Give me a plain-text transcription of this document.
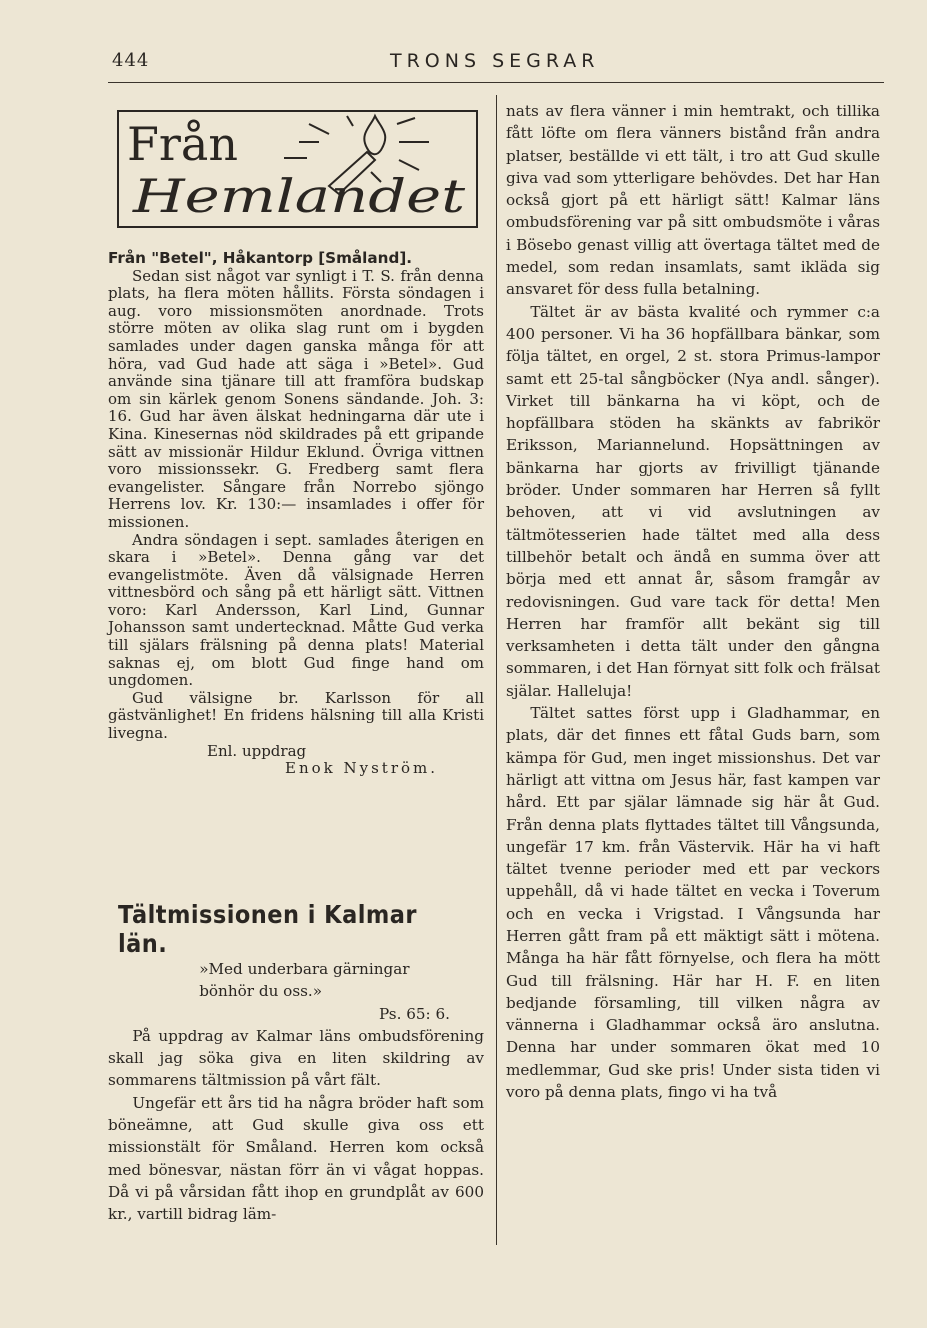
444	TRONS SEGRAR
Från
Hemlandet

Från "Betel", Håkantorp [Småland].

Sedan sist något var synligt i T. S. från denna plats, ha flera möten hållits. Första söndagen i aug. voro missionsmöten anordnade. Trots större möten av olika slag runt om i bygden samlades under dagen ganska många för att höra, vad Gud hade att säga i »Betel». Gud använde sina tjänare till att framföra budskap om sin kärlek genom Sonens sändande. Joh. 3: 16. Gud har även älskat hedningarna där ute i Kina. Kinesernas nöd skildrades på ett gripande sätt av missionär Hildur Eklund. Övriga vittnen voro missionssekr. G. Fredberg samt flera evangelister. Sångare från Norrebo sjöngo Herrens lov. Kr. 130:— insamlades i offer för missionen.

Andra söndagen i sept. samlades återigen en skara i »Betel». Denna gång var det evangelistmöte. Även då välsignade Herren vittnesbörd och sång på ett härligt sätt. Vittnen voro: Karl Andersson, Karl Lind, Gunnar Johansson samt undertecknad. Måtte Gud verka till själars frälsning på denna plats! Material saknas ej, om blott Gud finge hand om ungdomen.

Gud välsigne br. Karlsson för all gästvänlighet! En fridens hälsning till alla Kristi livegna.

Enl. uppdrag

Enok Nyström.

Tältmissionen i Kalmar län.

»Med underbara gärningar

bönhör du oss.»

Ps. 65: 6.

På uppdrag av Kalmar läns ombudsförening skall jag söka giva en liten skildring av sommarens tältmission på vårt fält.

Ungefär ett års tid ha några bröder haft som böneämne, att Gud skulle giva oss ett missionstält för Småland. Herren kom också med bönesvar, nästan förr än vi vågat hoppas. Då vi på vårsidan fått ihop en grundplåt av 600 kr., vartill bidrag läm-

nats av flera vänner i min hemtrakt, och tillika fått löfte om flera vänners bistånd från andra platser, beställde vi ett tält, i tro att Gud skulle giva vad som ytterligare behövdes. Det har Han också gjort på ett härligt sätt! Kalmar läns ombudsförening var på sitt ombudsmöte i våras i Bösebo genast villig att övertaga tältet med de medel, som redan insamlats, samt ikläda sig ansvaret för dess fulla betalning.

Tältet är av bästa kvalité och rymmer c:a 400 personer. Vi ha 36 hopfällbara bänkar, som följa tältet, en orgel, 2 st. stora Primus-lampor samt ett 25-tal sångböcker (Nya andl. sånger). Virket till bänkarna ha vi köpt, och de hopfällbara stöden ha skänkts av fabrikör Eriksson, Mariannelund. Hopsättningen av bänkarna har gjorts av frivilligt tjänande bröder. Under sommaren har Herren så fyllt behoven, att vi vid avslutningen av tältmötesserien hade tältet med alla dess tillbehör betalt och ändå en summa över att börja med ett annat år, såsom framgår av redovisningen. Gud vare tack för detta! Men Herren har framför allt bekänt sig till verksamheten i detta tält under den gångna sommaren, i det Han förnyat sitt folk och frälsat själar. Halleluja!

Tältet sattes först upp i Gladhammar, en plats, där det finnes ett fåtal Guds barn, som kämpa för Gud, men inget missionshus. Det var härligt att vittna om Jesus här, fast kampen var hård. Ett par själar lämnade sig här åt Gud. Från denna plats flyttades tältet till Vångsunda, ungefär 17 km. från Västervik. Här ha vi haft tältet tvenne perioder med ett par veckors uppehåll, då vi hade tältet en vecka i Toverum och en vecka i Vrigstad. I Vångsunda har Herren gått fram på ett mäktigt sätt i mötena. Många ha här fått förnyelse, och flera ha mött Gud till frälsning. Här har H. F. en liten bedjande församling, till vilken några av vännerna i Gladhammar också äro anslutna. Denna har under sommaren ökat med 10 medlemmar, Gud ske pris! Under sista tiden vi voro på denna plats, fingo vi ha två
